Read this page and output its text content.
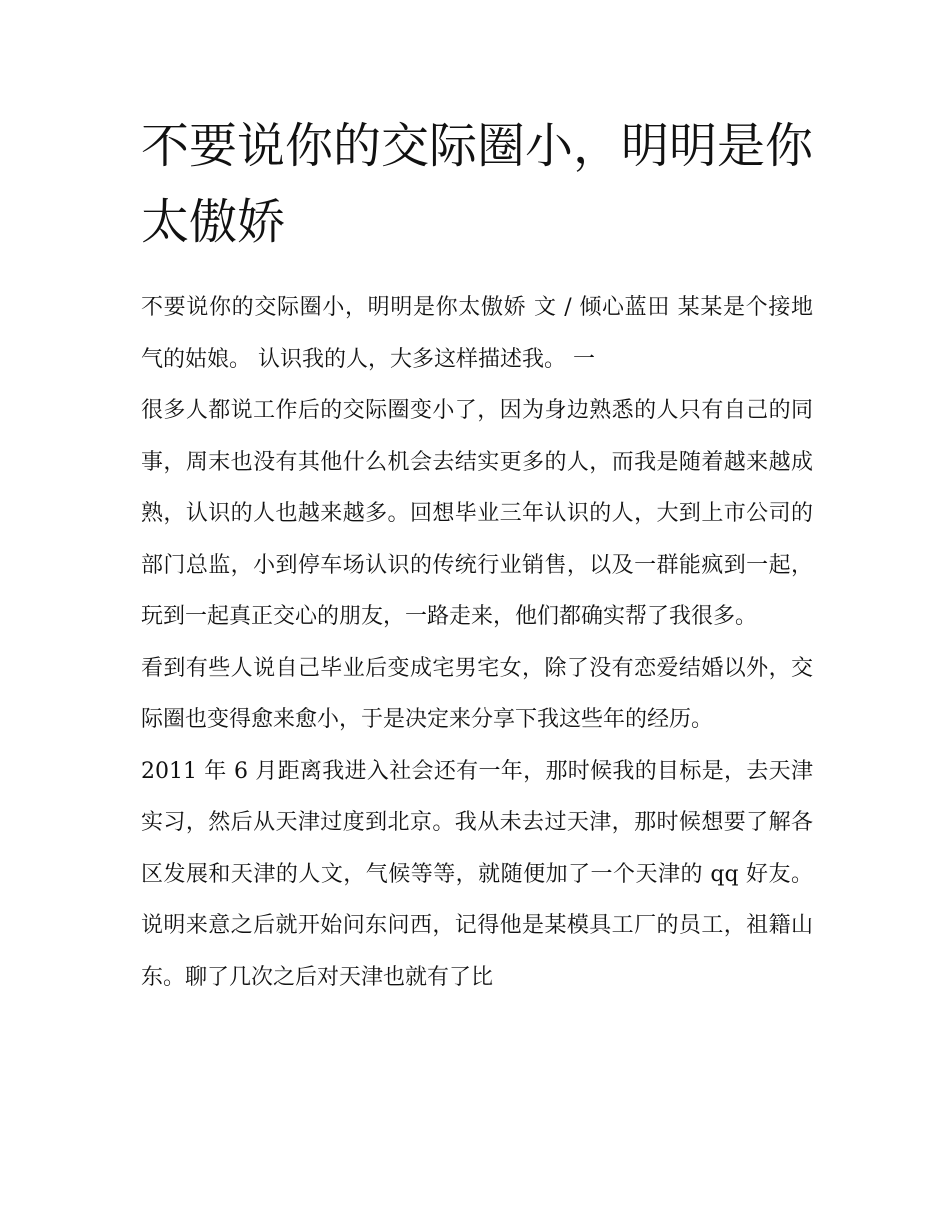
不要说你的交际圈小，明明是你太傲娇

不要说你的交际圈小，明明是你太傲娇 文 / 倾心蓝田 某某是个接地气的姑娘。 认识我的人，大多这样描述我。 一

很多人都说工作后的交际圈变小了，因为身边熟悉的人只有自己的同事，周末也没有其他什么机会去结实更多的人，而我是随着越来越成熟，认识的人也越来越多。回想毕业三年认识的人，大到上市公司的部门总监，小到停车场认识的传统行业销售，以及一群能疯到一起，玩到一起真正交心的朋友，一路走来，他们都确实帮了我很多。

看到有些人说自己毕业后变成宅男宅女，除了没有恋爱结婚以外，交际圈也变得愈来愈小，于是决定来分享下我这些年的经历。

2011 年 6 月距离我进入社会还有一年，那时候我的目标是，去天津实习，然后从天津过度到北京。我从未去过天津，那时候想要了解各区发展和天津的人文，气候等等，就随便加了一个天津的 qq 好友。说明来意之后就开始问东问西，记得他是某模具工厂的员工，祖籍山东。聊了几次之后对天津也就有了比
